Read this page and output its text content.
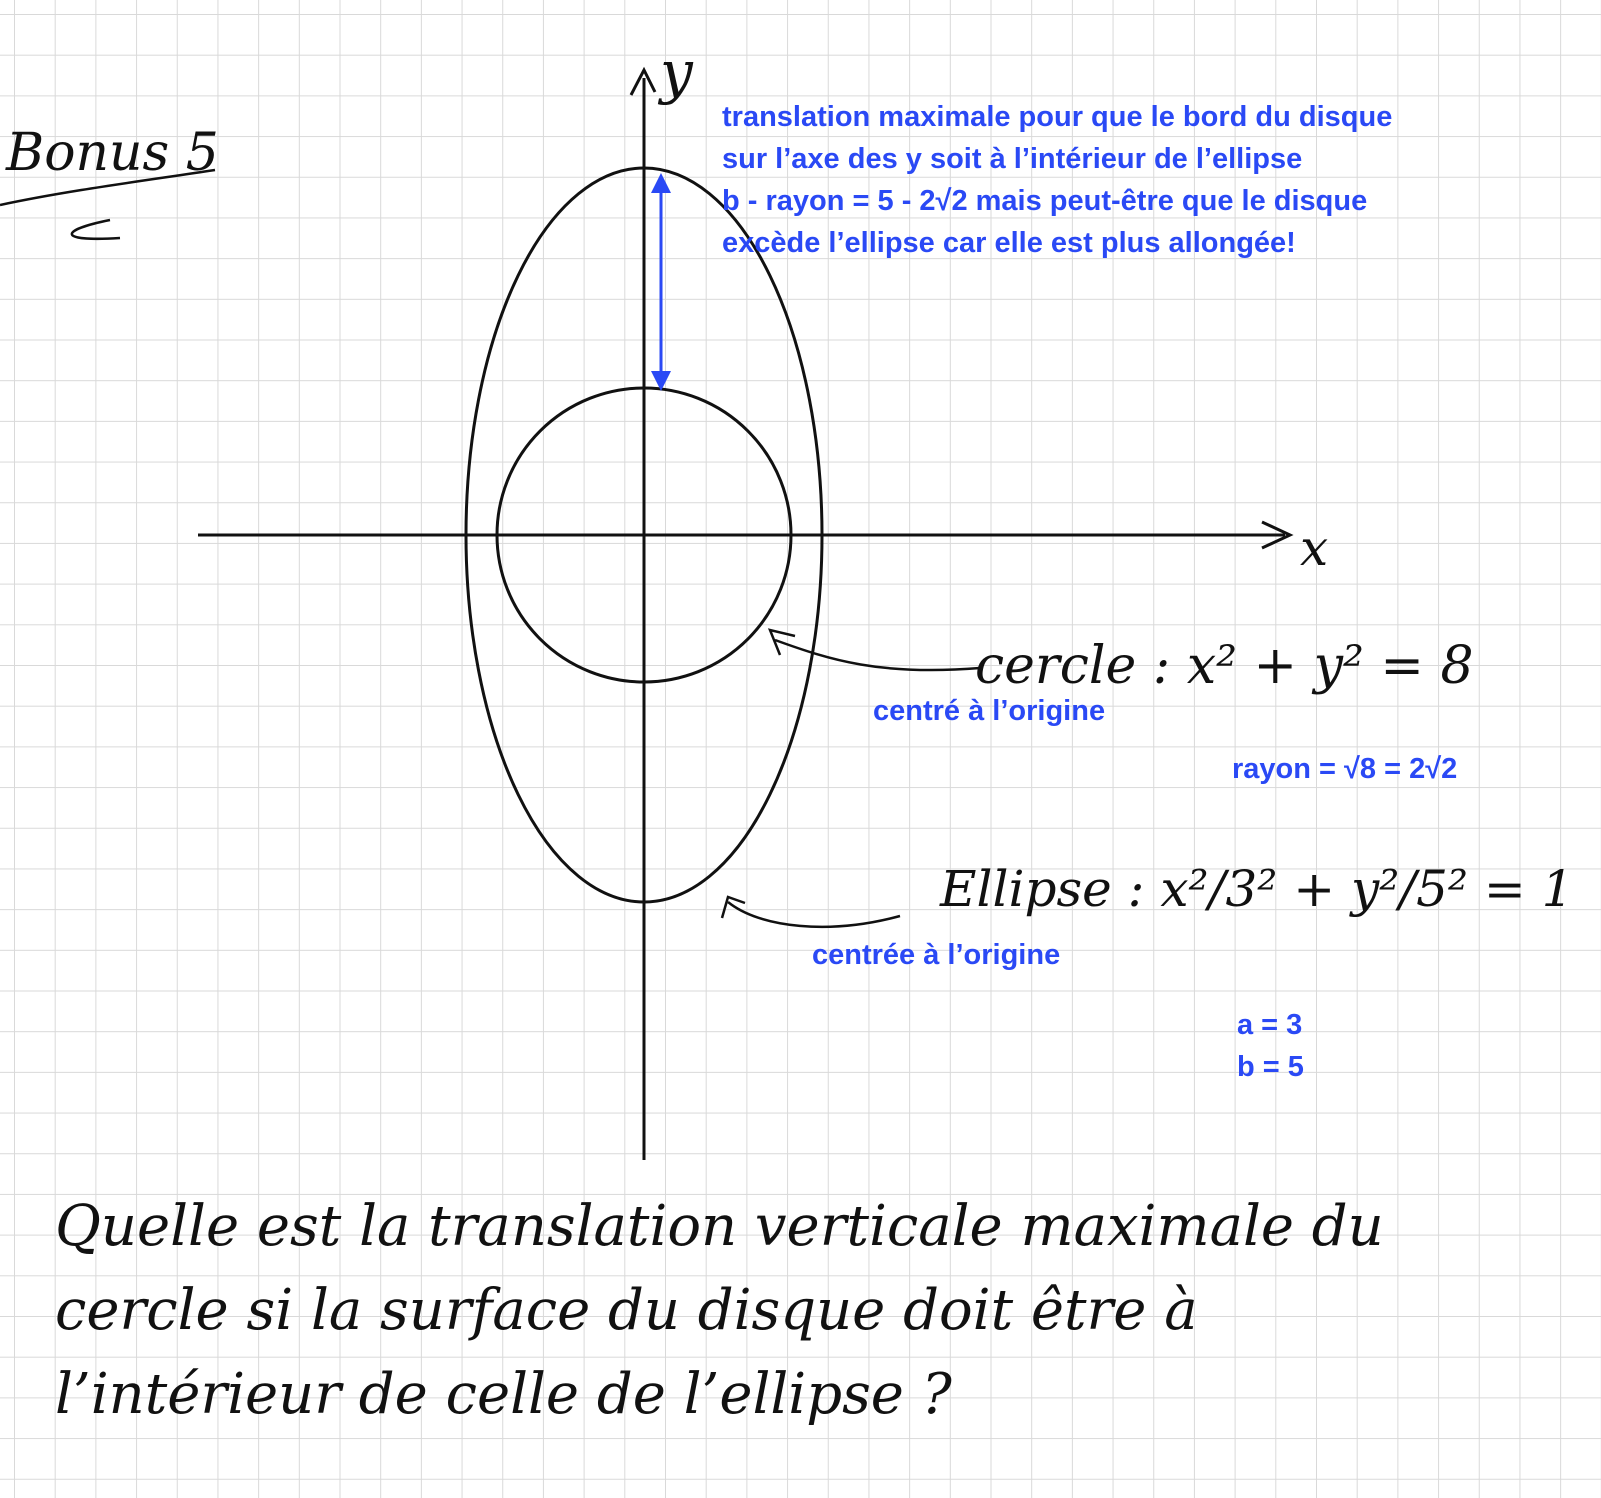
Bonus 5
x
y
translation maximale pour que le bord du disque
sur l’axe des y soit à l’intérieur de l’ellipse
b - rayon = 5 - 2√2 mais peut-être que le disque
excède l’ellipse car elle est plus allongée!
cercle : x² + y² = 8
centré à l’origine
rayon = √8 = 2√2
Ellipse : x²/3² + y²/5² = 1
centrée à l’origine
a = 3
b = 5
Quelle est la translation verticale maximale du
cercle si la surface du disque doit être à
l’intérieur de celle de l’ellipse ?
